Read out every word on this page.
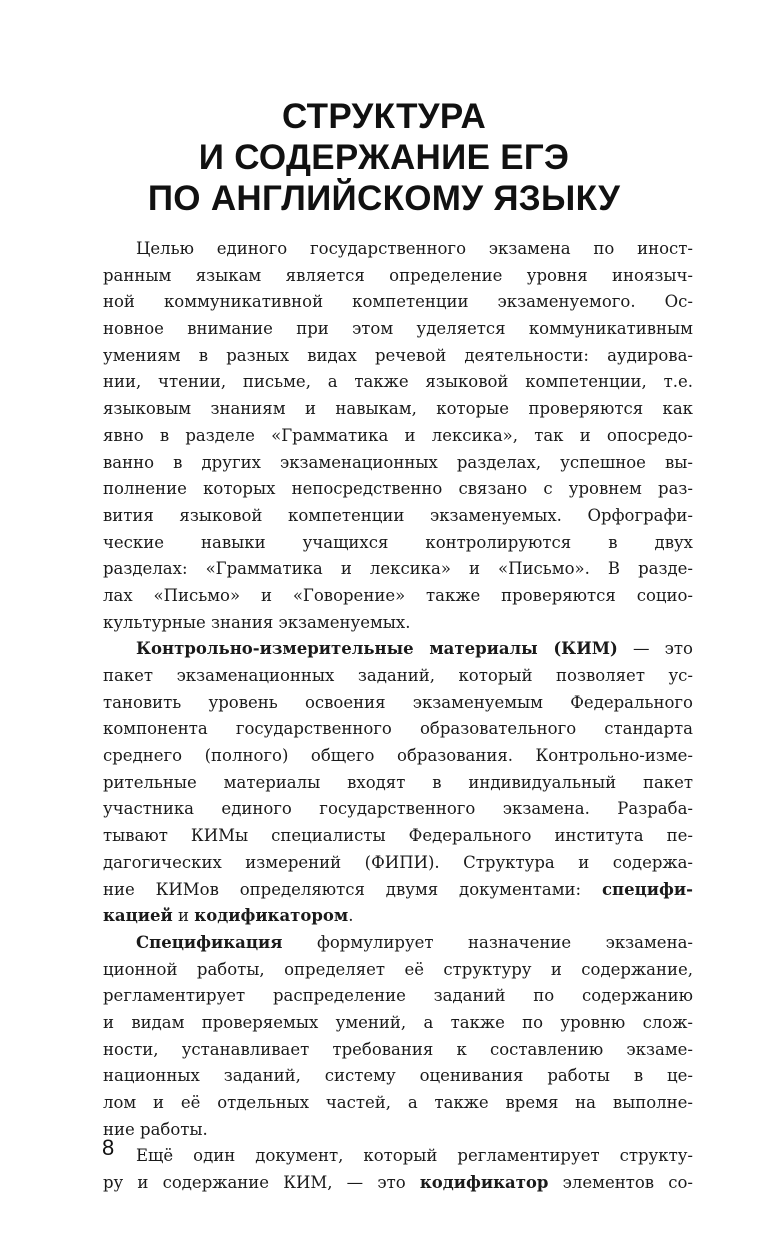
СТРУКТУРА
И СОДЕРЖАНИЕ ЕГЭ
ПО АНГЛИЙСКОМУ ЯЗЫКУ
Целью единого государственного экзамена по иност-
ранным языкам является определение уровня иноязыч-
ной коммуникативной компетенции экзаменуемого. Ос-
новное внимание при этом уделяется коммуникативным
умениям в разных видах речевой деятельности: аудирова-
нии, чтении, письме, а также языковой компетенции, т.е.
языковым знаниям и навыкам, которые проверяются как
явно в разделе «Грамматика и лексика», так и опосредо-
ванно в других экзаменационных разделах, успешное вы-
полнение которых непосредственно связано с уровнем раз-
вития языковой компетенции экзаменуемых. Орфографи-
ческие навыки учащихся контролируются в двух
разделах: «Грамматика и лексика» и «Письмо». В разде-
лах «Письмо» и «Говорение» также проверяются социо-
культурные знания экзаменуемых.
Контрольно-измерительные материалы (КИМ) — это
пакет экзаменационных заданий, который позволяет ус-
тановить уровень освоения экзаменуемым Федерального
компонента государственного образовательного стандарта
среднего (полного) общего образования. Контрольно-изме-
рительные материалы входят в индивидуальный пакет
участника единого государственного экзамена. Разраба-
тывают КИМы специалисты Федерального института пе-
дагогических измерений (ФИПИ). Структура и содержа-
ние КИМов определяются двумя документами: специфи-
кацией и кодификатором.
Спецификация формулирует назначение экзамена-
ционной работы, определяет её структуру и содержание,
регламентирует распределение заданий по содержанию
и видам проверяемых умений, а также по уровню слож-
ности, устанавливает требования к составлению экзаме-
национных заданий, систему оценивания работы в це-
лом и её отдельных частей, а также время на выполне-
ние работы.
Ещё один документ, который регламентирует структу-
ру и содержание КИМ, — это кодификатор элементов со-
8
